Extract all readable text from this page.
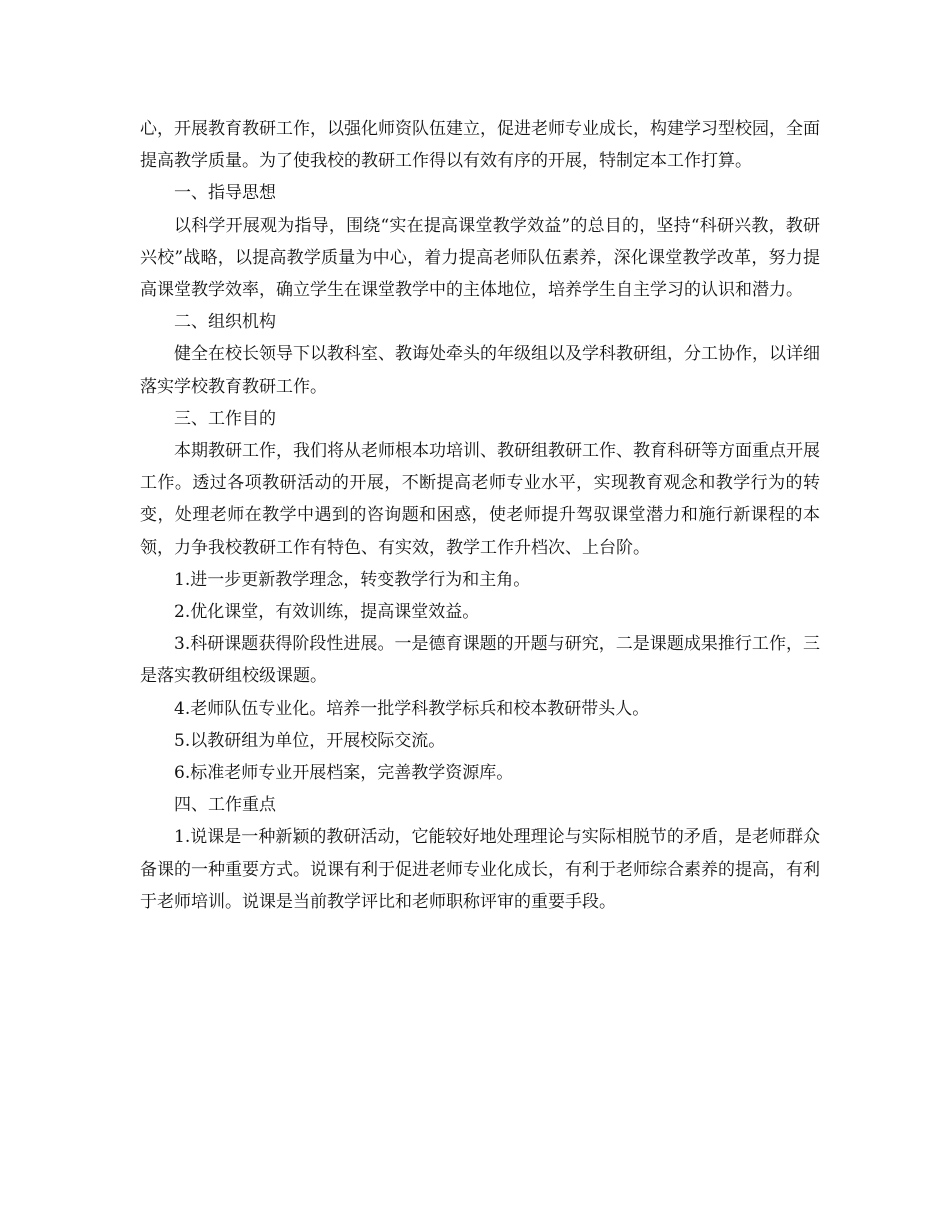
心，开展教育教研工作，以强化师资队伍建立，促进老师专业成长，构建学习型校园，全面提高教学质量。为了使我校的教研工作得以有效有序的开展，特制定本工作打算。

一、指导思想

以科学开展观为指导，围绕“实在提高课堂教学效益”的总目的，坚持“科研兴教，教研兴校”战略，以提高教学质量为中心，着力提高老师队伍素养，深化课堂教学改革，努力提高课堂教学效率，确立学生在课堂教学中的主体地位，培养学生自主学习的认识和潜力。

二、组织机构

健全在校长领导下以教科室、教诲处牵头的年级组以及学科教研组，分工协作，以详细落实学校教育教研工作。

三、工作目的

本期教研工作，我们将从老师根本功培训、教研组教研工作、教育科研等方面重点开展工作。透过各项教研活动的开展，不断提高老师专业水平，实现教育观念和教学行为的转变，处理老师在教学中遇到的咨询题和困惑，使老师提升驾驭课堂潜力和施行新课程的本领，力争我校教研工作有特色、有实效，教学工作升档次、上台阶。

1.进一步更新教学理念，转变教学行为和主角。

2.优化课堂，有效训练，提高课堂效益。

3.科研课题获得阶段性进展。一是德育课题的开题与研究，二是课题成果推行工作，三是落实教研组校级课题。

4.老师队伍专业化。培养一批学科教学标兵和校本教研带头人。

5.以教研组为单位，开展校际交流。

6.标准老师专业开展档案，完善教学资源库。

四、工作重点

1.说课是一种新颖的教研活动，它能较好地处理理论与实际相脱节的矛盾，是老师群众备课的一种重要方式。说课有利于促进老师专业化成长，有利于老师综合素养的提高，有利于老师培训。说课是当前教学评比和老师职称评审的重要手段。
